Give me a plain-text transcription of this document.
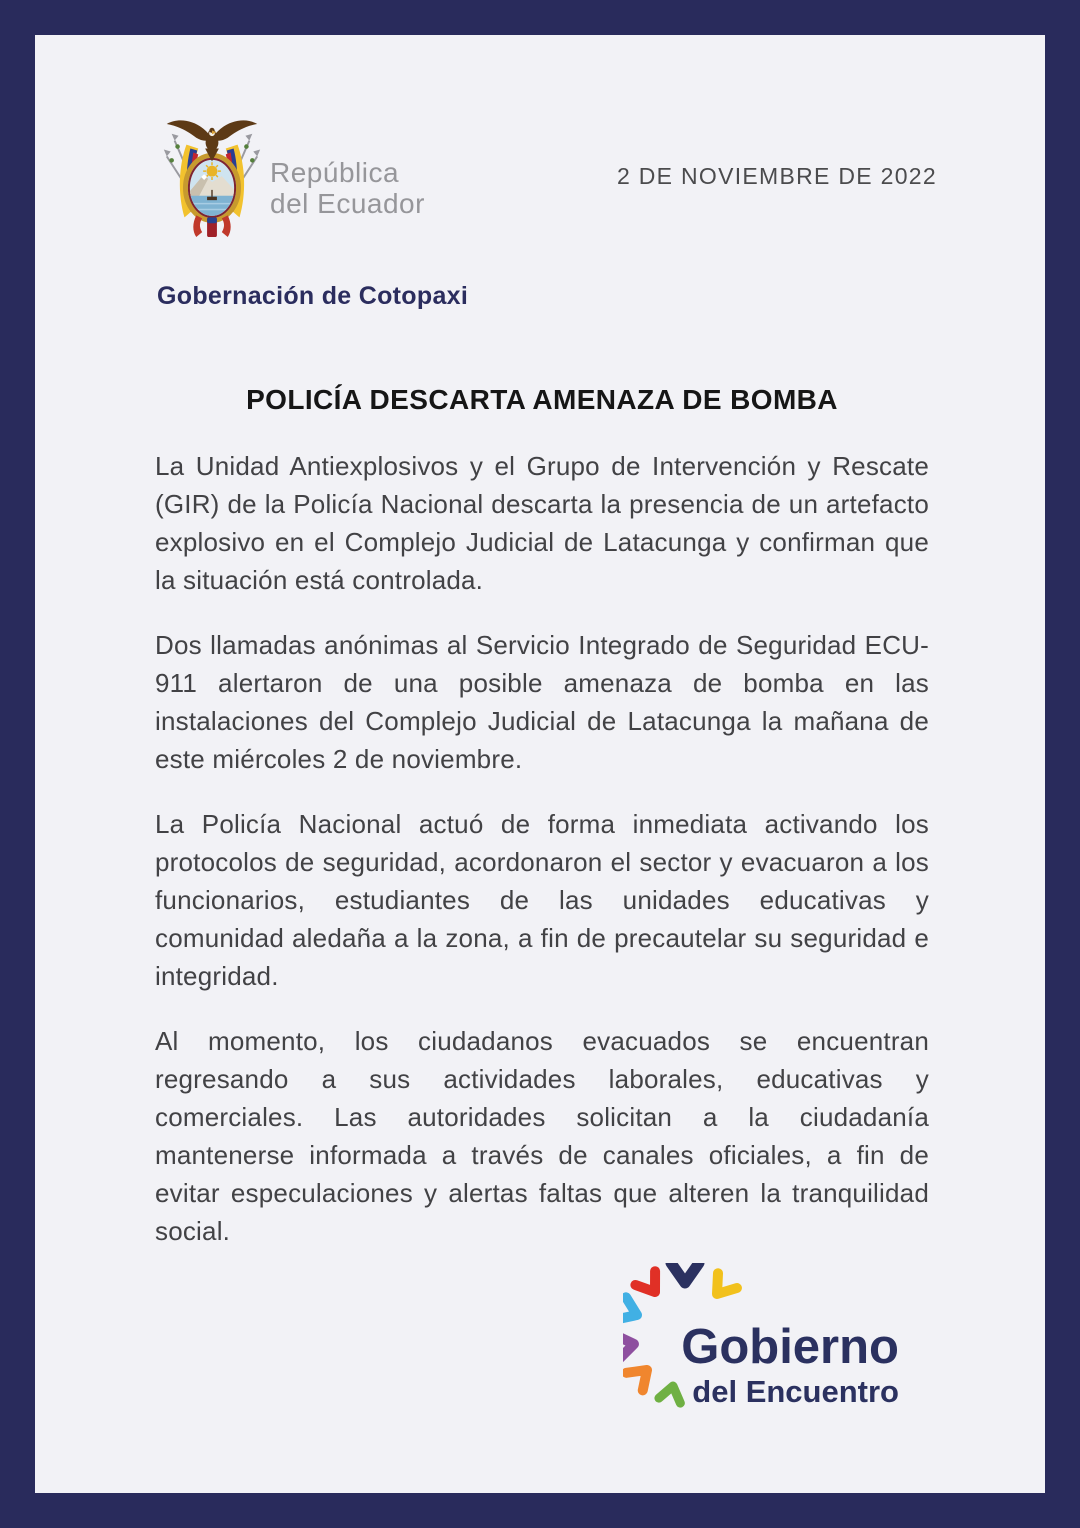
República
del Ecuador
2 DE NOVIEMBRE DE 2022
Gobernación de Cotopaxi
POLICÍA DESCARTA AMENAZA DE BOMBA

La Unidad Antiexplosivos y el Grupo de Intervención y Rescate (GIR) de la Policía Nacional descarta la presencia de un artefacto explosivo en el Complejo Judicial de Latacunga y confirman que la situación está controlada.

Dos llamadas anónimas al Servicio Integrado de Seguridad ECU-911 alertaron de una posible amenaza de bomba en las instalaciones del Complejo Judicial de Latacunga la mañana de este miércoles 2 de noviembre.

La Policía Nacional actuó de forma inmediata activando los protocolos de seguridad, acordonaron el sector y evacuaron a los funcionarios, estudiantes de las unidades educativas y comunidad aledaña a la zona, a fin de precautelar su seguridad e integridad.

Al momento, los ciudadanos evacuados se encuentran regresando a sus actividades laborales, educativas y comerciales. Las autoridades solicitan a la ciudadanía mantenerse informada a través de canales oficiales, a fin de evitar especulaciones y alertas faltas que alteren la tranquilidad social.

Gobierno
del Encuentro
